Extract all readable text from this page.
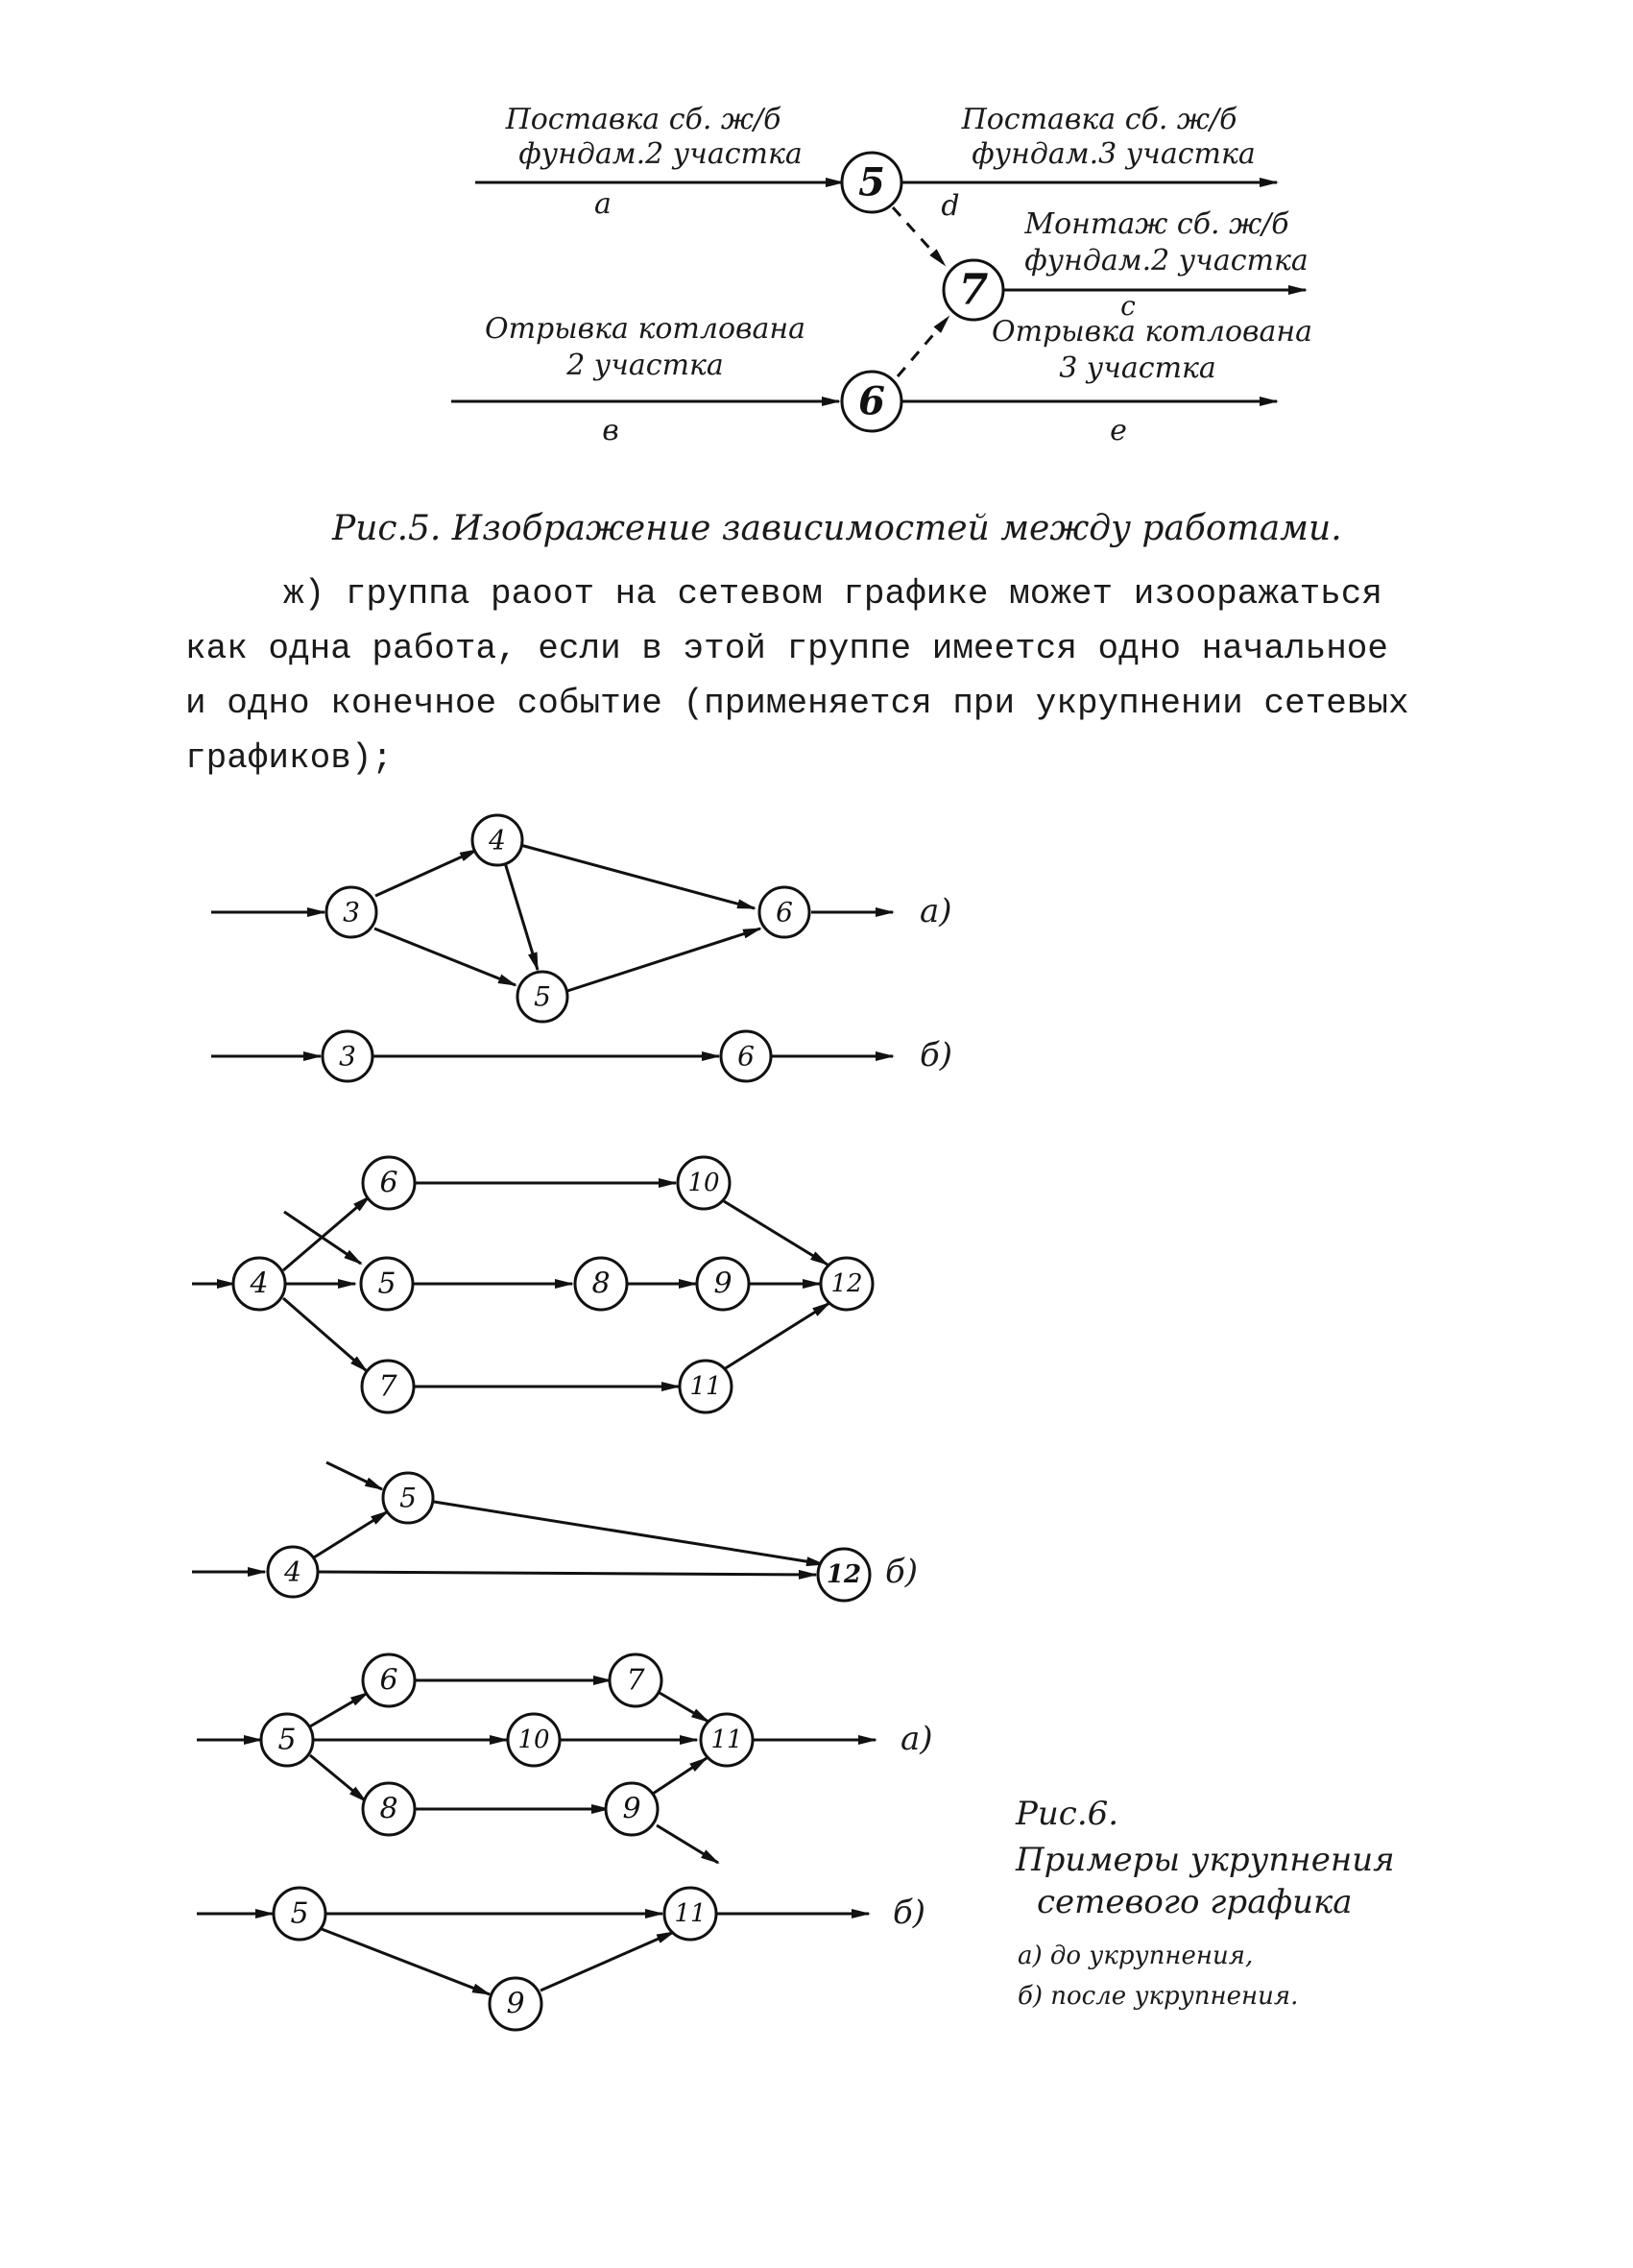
5
7
6
Поставка сб. ж/б
фундам.2 участка
a
Поставка сб. ж/б
фундам.3 участка
d
Монтаж сб. ж/б
фундам.2 участка
c
Отрывка котлована
2 участка
в
Отрывка котлована
3 участка
е
Рис.5. Изображение зависимостей между работами.
ж) группа раоот на сетевом графике может изооражаться
как одна работа, если в этой группе имеется одно начальное
и одно конечное событие (применяется при укрупнении сетевых
графиков);
3
4
5
6	а)
3	6	б)
4
6
5
7
8	9
10
11
12
4
5
12 б)
5
6	7
10	11
8	9
а)
5	11
9
б)
Рис.6.
Примеры укрупнения
сетевого графика
а) до укрупнения,
б) после укрупнения.
